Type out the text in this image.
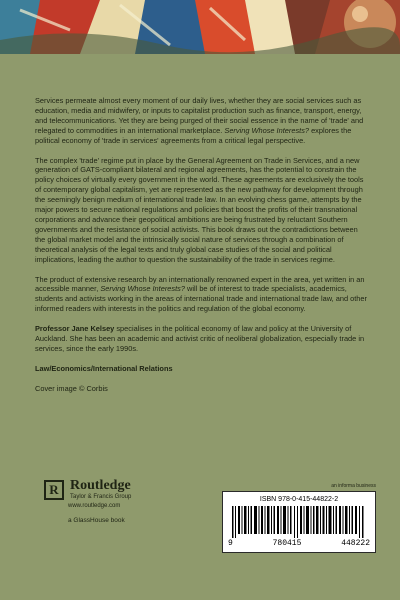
Services permeate almost every moment of our daily lives, whether they are social services such as education, media and midwifery, or inputs to capitalist production such as finance, transport, energy, and telecommunications. Yet they are being purged of their social essence in the name of 'trade' and relegated to commodities in an international marketplace. Serving Whose Interests? explores the political economy of 'trade in services' agreements from a critical legal perspective.

The complex 'trade' regime put in place by the General Agreement on Trade in Services, and a new generation of GATS-compliant bilateral and regional agreements, has the potential to constrain the policy choices of virtually every government in the world. These agreements are exclusively the tools of contemporary global capitalism, yet are represented as the new pathway for development through the seemingly benign medium of international trade law. In an evolving chess game, attempts by the major powers to secure national regulations and policies that boost the profits of their transnational corporations and advance their geopolitical ambitions are being frustrated by reluctant Southern governments and the resistance of social activists. This book draws out the contradictions between the global market model and the intrinsically social nature of services through a combination of theoretical analysis of the legal texts and truly global case studies of the social and political implications, leading the author to question the sustainability of the trade in services regime.

The product of extensive research by an internationally renowned expert in the area, yet written in an accessible manner, Serving Whose Interests? will be of interest to trade specialists, academics, students and activists working in the areas of international trade and international trade law, and other informed readers with interests in the politics and regulation of the global economy.

Professor Jane Kelsey specialises in the political economy of law and policy at the University of Auckland. She has been an academic and activist critic of neoliberal globalization, especially trade in services, since the early 1990s.

Law/Economics/International Relations

Cover image © Corbis

R Routledge
Taylor & Francis Group
www.routledge.com
a GlassHouse book
an informa business
ISBN 978-0-415-44822-2
9	780415	448222
